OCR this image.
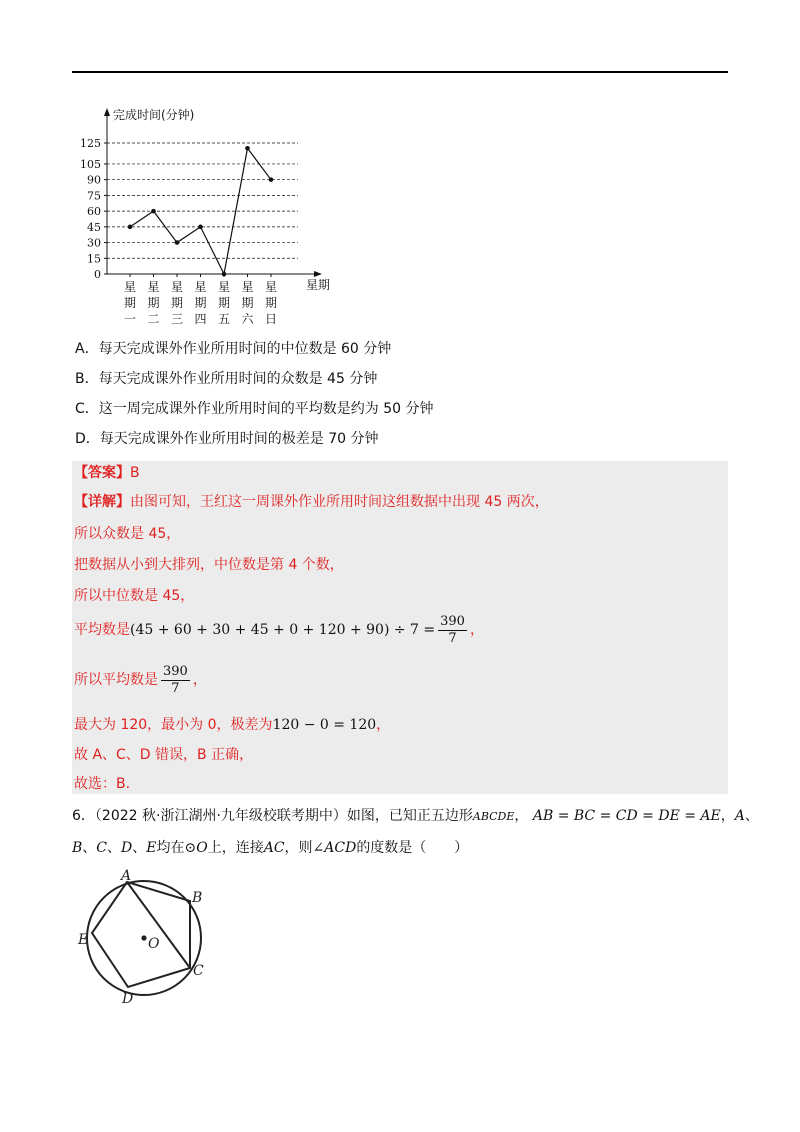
完成时间(分钟)
星期
0
15
30
45
60
75
90
105
125
星
期
一
星
期
二
星
期
三
星
期
四
星
期
五
星
期
六
星
期
日
A．每天完成课外作业所用时间的中位数是 60 分钟
B．每天完成课外作业所用时间的众数是 45 分钟
C．这一周完成课外作业所用时间的平均数是约为 50 分钟
D．每天完成课外作业所用时间的极差是 70 分钟
【答案】B
【详解】由图可知，王红这一周课外作业所用时间这组数据中出现 45 两次，
所以众数是 45，
把数据从小到大排列，中位数是第 4 个数，
所以中位数是 45，
平均数是$(45 + 60 + 30 + 45 + 0 + 120 + 90) \div 7 = \frac{390}{7}$ ，
所以平均数是 $\frac{390}{7}$ ，
最大为 120，最小为 0，极差为120 − 0 = 120，
故 A、C、D 错误，B 正确，
故选：B.
6．（2022 秋·浙江湖州·九年级校联考期中）如图，已知正五边形ABCDE， AB = BC = CD = DE = AE，A、
B、C、D、E均在⊙O上，连接AC，则∠ACD的度数是（　　）
A
B
C
D
E	O
